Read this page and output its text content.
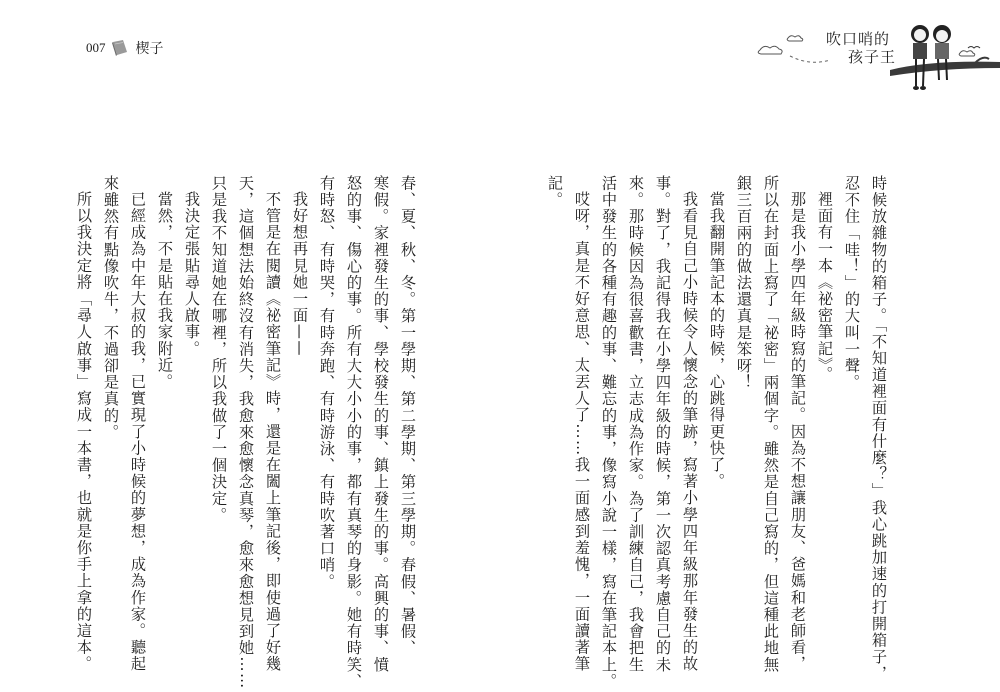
007 楔子
吹口哨的
孩子王
時候放雜物的箱子。「不知道裡面有什麼？」我心跳加速的打開箱子，
忍不住「哇！」的大叫一聲。
裡面有一本《祕密筆記》。
那是我小學四年級時寫的筆記。因為不想讓朋友、爸媽和老師看，
所以在封面上寫了「祕密」兩個字。雖然是自己寫的，但這種此地無
銀三百兩的做法還真是笨呀！
當我翻開筆記本的時候，心跳得更快了。
我看見自己小時候令人懷念的筆跡，寫著小學四年級那年發生的故
事。對了，我記得我在小學四年級的時候，第一次認真考慮自己的未
來。那時候因為很喜歡書，立志成為作家。為了訓練自己，我會把生
活中發生的各種有趣的事、難忘的事，像寫小說一樣，寫在筆記本上。
哎呀，真是不好意思、太丟人了……我一面感到羞愧，一面讀著筆
記。
春、夏、秋、冬。第一學期、第二學期、第三學期。春假、暑假、
寒假。家裡發生的事、學校發生的事、鎮上發生的事。高興的事、憤
怒的事、傷心的事。所有大大小小的事，都有真琴的身影。她有時笑、
有時怒、有時哭，有時奔跑、有時游泳、有時吹著口哨。
我好想再見她一面——
不管是在閱讀《祕密筆記》時，還是在闔上筆記後，即使過了好幾
天，這個想法始終沒有消失，我愈來愈懷念真琴，愈來愈想見到她……
只是我不知道她在哪裡，所以我做了一個決定。
我決定張貼尋人啟事。
當然，不是貼在我家附近。
已經成為中年大叔的我，已實現了小時候的夢想，成為作家。聽起
來雖然有點像吹牛，不過卻是真的。
所以我決定將「尋人啟事」寫成一本書，也就是你手上拿的這本。
